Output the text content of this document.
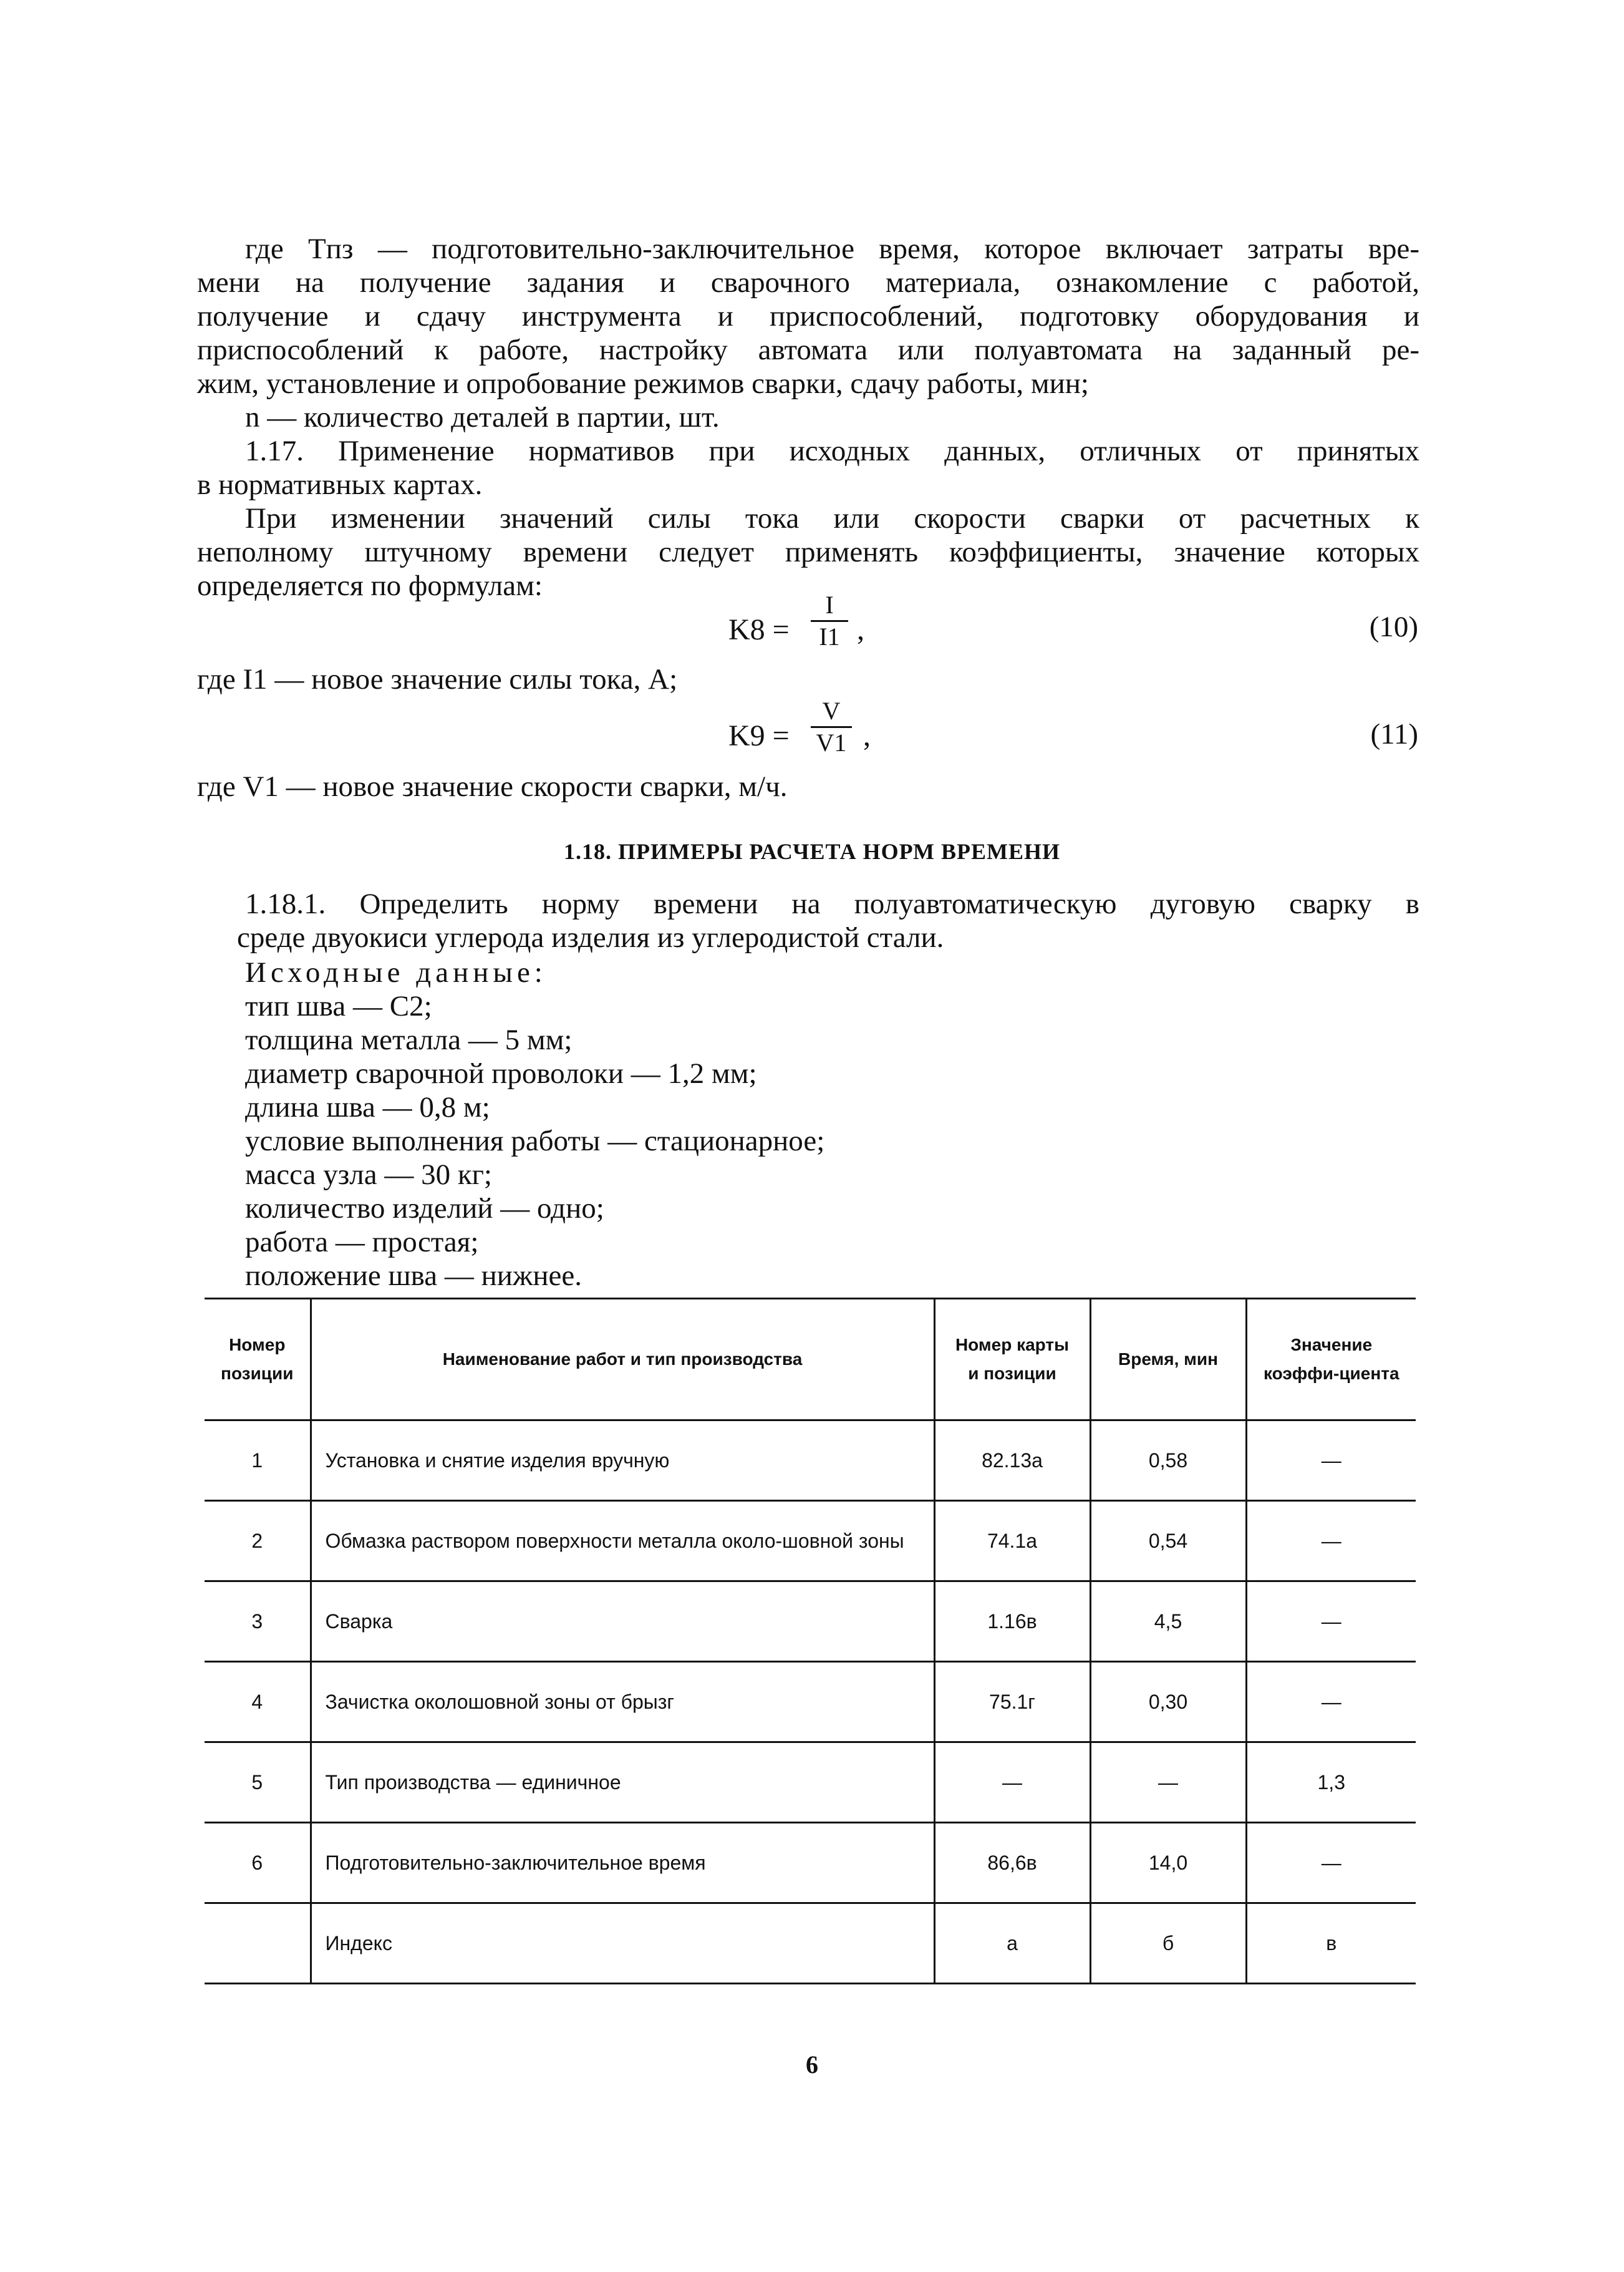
где Tпз — подготовительно-заключительное время, которое включает затраты вре-
мени на получение задания и сварочного материала, ознакомление с работой,
получение и сдачу инструмента и приспособлений, подготовку оборудования и
приспособлений к работе, настройку автомата или полуавтомата на заданный ре-
жим, установление и опробование режимов сварки, сдачу работы, мин;
n — количество деталей в партии, шт.
1.17. Применение нормативов при исходных данных, отличных от принятых
в нормативных картах.
При изменении значений силы тока или скорости сварки от расчетных к
неполному штучному времени следует применять коэффициенты, значение которых
определяется по формулам:
K8 =
I
I1 ,	(10)
где I1 — новое значение силы тока, А;
K9 =
V
V1 ,	(11)
где V1 — новое значение скорости сварки, м/ч.
1.18. ПРИМЕРЫ РАСЧЕТА НОРМ ВРЕМЕНИ
1.18.1. Определить норму времени на полуавтоматическую дуговую сварку в
среде двуокиси углерода изделия из углеродистой стали.
Исходные данные:
тип шва — С2;
толщина металла — 5 мм;
диаметр сварочной проволоки — 1,2 мм;
длина шва — 0,8 м;
условие выполнения работы — стационарное;
масса узла — 30 кг;
количество изделий — одно;
работа — простая;
положение шва — нижнее.
Номер позиции	Наименование работ и тип производства	Номер карты и позиции	Время, мин	Значение коэффи-циента
1	Установка и снятие изделия вручную	82.13а	0,58	—
2	Обмазка раствором поверхности металла около-шовной зоны	74.1а	0,54	—
3	Сварка	1.16в	4,5	—
4	Зачистка околошовной зоны от брызг	75.1г	0,30	—
5	Тип производства — единичное	—	—	1,3
6	Подготовительно-заключительное время	86,6в	14,0	—
	Индекс	а	б	в
6
